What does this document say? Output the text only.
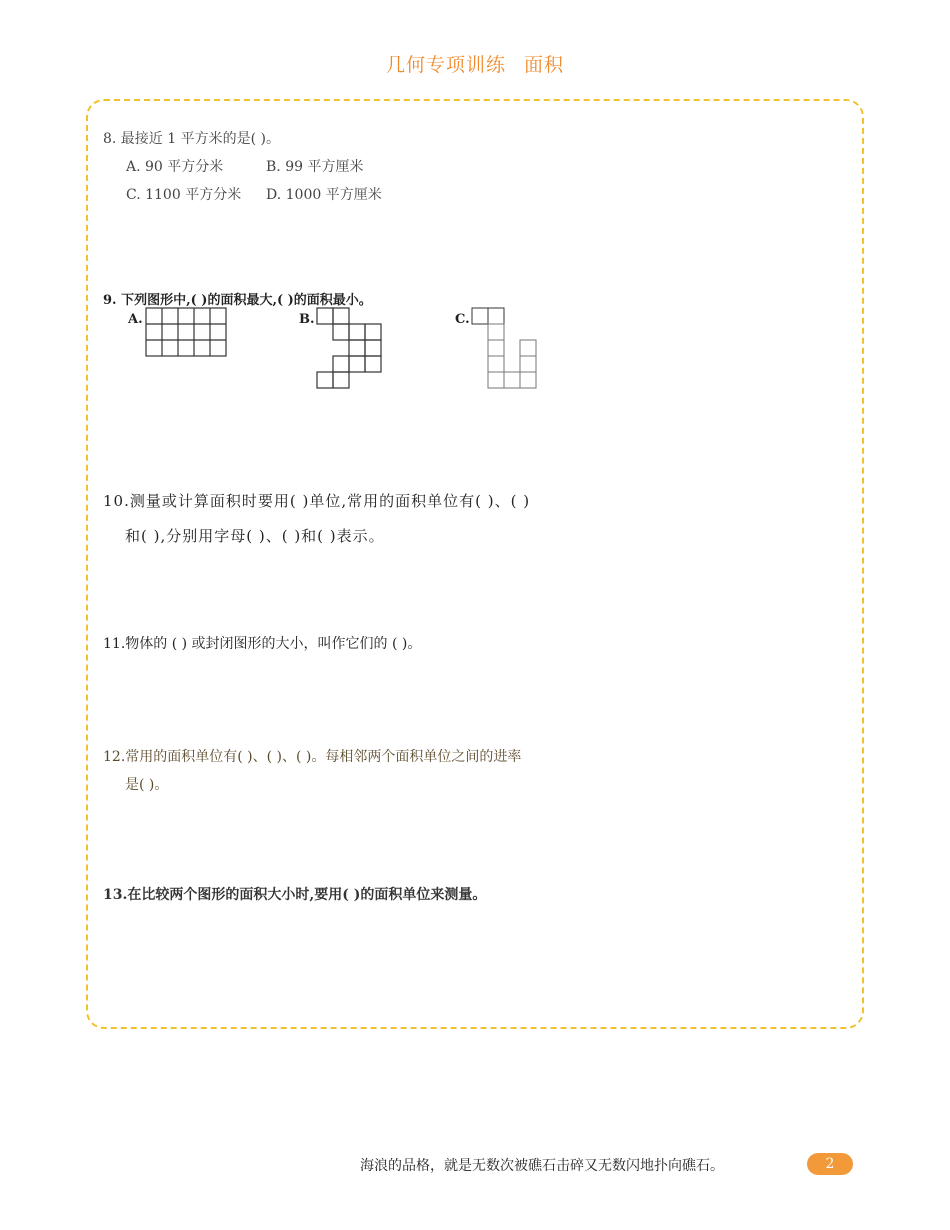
几何专项训练 面积
8. 最接近 1 平方米的是( )。
A. 90 平方分米	B. 99 平方厘米
C. 1100 平方分米 D. 1000 平方厘米
9. 下列图形中,( )的面积最大,( )的面积最小。
A.	B.	C.
10.测量或计算面积时要用( )单位,常用的面积单位有( )、( )
和( ),分别用字母( )、( )和( )表示。
11.物体的 ( ) 或封闭图形的大小，叫作它们的 ( )。
12.常用的面积单位有( )、( )、( )。每相邻两个面积单位之间的进率
是( )。
13.在比较两个图形的面积大小时,要用( )的面积单位来测量。
海浪的品格，就是无数次被礁石击碎又无数闪地扑向礁石。	2
